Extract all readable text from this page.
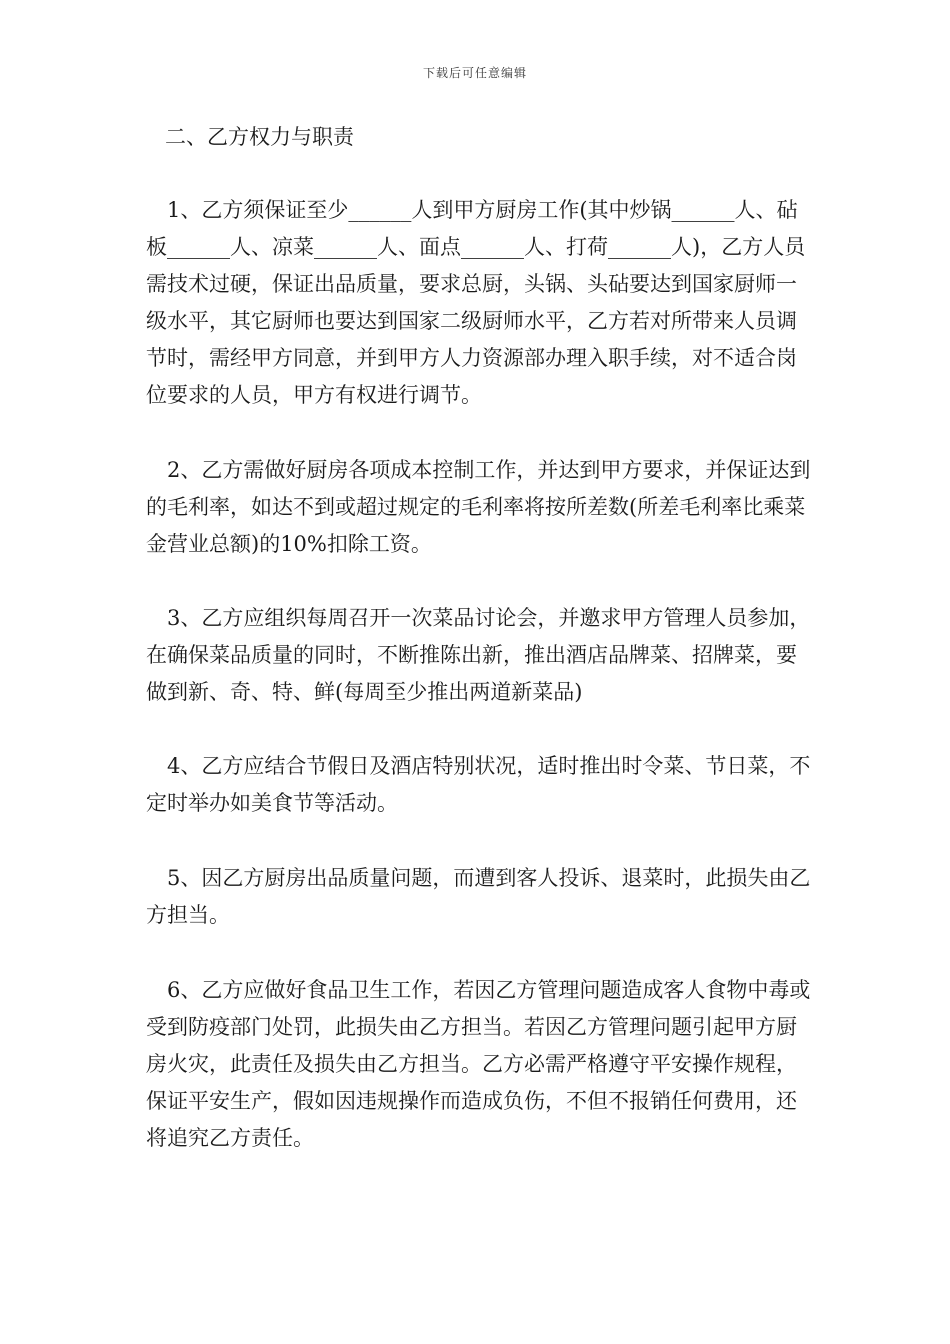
下载后可任意编辑
二、乙方权力与职责

1、乙方须保证至少______人到甲方厨房工作(其中炒锅______人、砧板______人、凉菜______人、面点______人、打荷______人)，乙方人员需技术过硬，保证出品质量，要求总厨，头锅、头砧要达到国家厨师一级水平，其它厨师也要达到国家二级厨师水平，乙方若对所带来人员调节时，需经甲方同意，并到甲方人力资源部办理入职手续，对不适合岗位要求的人员，甲方有权进行调节。

2、乙方需做好厨房各项成本控制工作，并达到甲方要求，并保证达到的毛利率，如达不到或超过规定的毛利率将按所差数(所差毛利率比乘菜金营业总额)的10%扣除工资。

3、乙方应组织每周召开一次菜品讨论会，并邀求甲方管理人员参加，在确保菜品质量的同时，不断推陈出新，推出酒店品牌菜、招牌菜，要做到新、奇、特、鲜(每周至少推出两道新菜品)

4、乙方应结合节假日及酒店特别状况，适时推出时令菜、节日菜，不定时举办如美食节等活动。

5、因乙方厨房出品质量问题，而遭到客人投诉、退菜时，此损失由乙方担当。

6、乙方应做好食品卫生工作，若因乙方管理问题造成客人食物中毒或受到防疫部门处罚，此损失由乙方担当。若因乙方管理问题引起甲方厨房火灾，此责任及损失由乙方担当。乙方必需严格遵守平安操作规程，保证平安生产，假如因违规操作而造成负伤，不但不报销任何费用，还将追究乙方责任。
